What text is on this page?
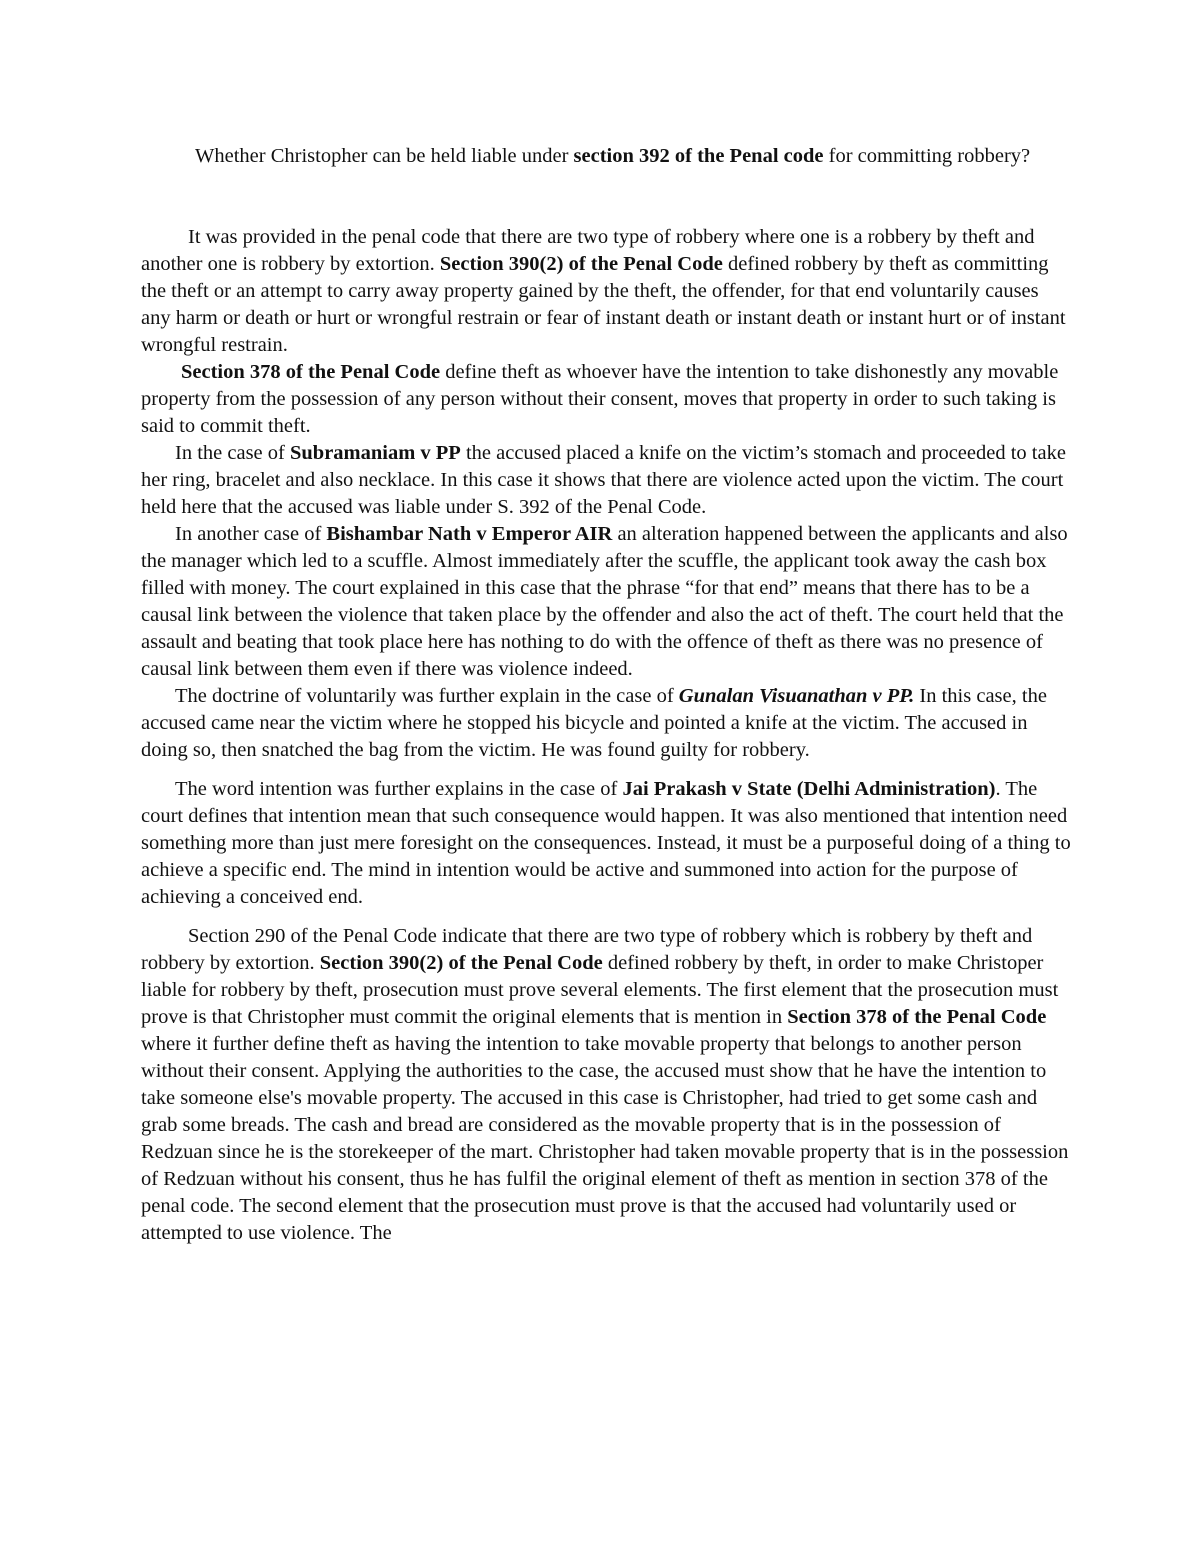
Whether Christopher can be held liable under section 392 of the Penal code for committing robbery?

It was provided in the penal code that there are two type of robbery where one is a robbery by theft and another one is robbery by extortion. Section 390(2) of the Penal Code defined robbery by theft as committing the theft or an attempt to carry away property gained by the theft, the offender, for that end voluntarily causes any harm or death or hurt or wrongful restrain or fear of instant death or instant death or instant hurt or of instant wrongful restrain.

Section 378 of the Penal Code define theft as whoever have the intention to take dishonestly any movable property from the possession of any person without their consent, moves that property in order to such taking is said to commit theft.

In the case of Subramaniam v PP the accused placed a knife on the victim’s stomach and proceeded to take her ring, bracelet and also necklace. In this case it shows that there are violence acted upon the victim. The court held here that the accused was liable under S. 392 of the Penal Code.

In another case of Bishambar Nath v Emperor AIR an alteration happened between the applicants and also the manager which led to a scuffle. Almost immediately after the scuffle, the applicant took away the cash box filled with money. The court explained in this case that the phrase “for that end” means that there has to be a causal link between the violence that taken place by the offender and also the act of theft. The court held that the assault and beating that took place here has nothing to do with the offence of theft as there was no presence of causal link between them even if there was violence indeed.

The doctrine of voluntarily was further explain in the case of Gunalan Visuanathan v PP. In this case, the accused came near the victim where he stopped his bicycle and pointed a knife at the victim. The accused in doing so, then snatched the bag from the victim. He was found guilty for robbery.

The word intention was further explains in the case of Jai Prakash v State (Delhi Administration). The court defines that intention mean that such consequence would happen. It was also mentioned that intention need something more than just mere foresight on the consequences. Instead, it must be a purposeful doing of a thing to achieve a specific end. The mind in intention would be active and summoned into action for the purpose of achieving a conceived end.

Section 290 of the Penal Code indicate that there are two type of robbery which is robbery by theft and robbery by extortion. Section 390(2) of the Penal Code defined robbery by theft, in order to make Christoper liable for robbery by theft, prosecution must prove several elements. The first element that the prosecution must prove is that Christopher must commit the original elements that is mention in Section 378 of the Penal Code where it further define theft as having the intention to take movable property that belongs to another person without their consent. Applying the authorities to the case, the accused must show that he have the intention to take someone else's movable property. The accused in this case is Christopher, had tried to get some cash and grab some breads. The cash and bread are considered as the movable property that is in the possession of Redzuan since he is the storekeeper of the mart. Christopher had taken movable property that is in the possession of Redzuan without his consent, thus he has fulfil the original element of theft as mention in section 378 of the penal code. The second element that the prosecution must prove is that the accused had voluntarily used or attempted to use violence. The
